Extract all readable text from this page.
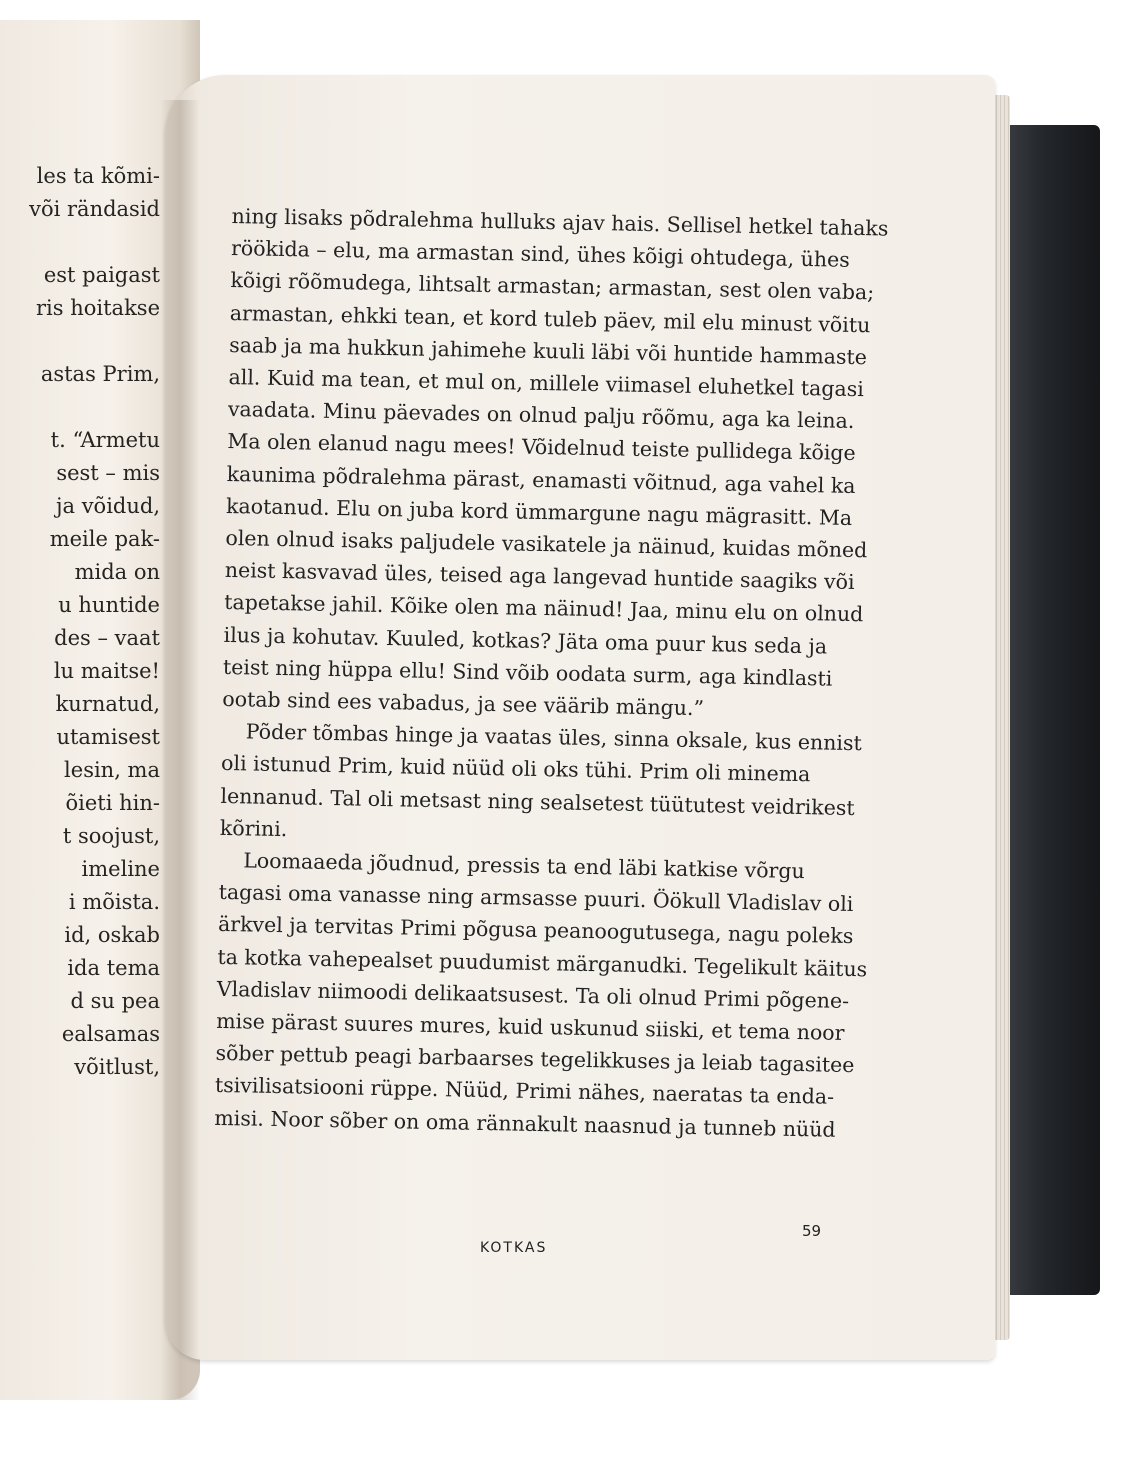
les ta kõmi-
või rändasid

est paigast
ris hoitakse

astas Prim,

t. “Armetu
sest – mis
ja võidud,
meile pak-
mida on
u huntide
des – vaat
lu maitse!
kurnatud,
utamisest
lesin, ma
õieti hin-
t soojust,
imeline
i mõista.
id, oskab
ida tema
d su pea
ealsamas
võitlust,
ning lisaks põdralehma hulluks ajav hais. Sellisel hetkel tahaks
röökida – elu, ma armastan sind, ühes kõigi ohtudega, ühes
kõigi rõõmudega, lihtsalt armastan; armastan, sest olen vaba;
armastan, ehkki tean, et kord tuleb päev, mil elu minust võitu
saab ja ma hukkun jahimehe kuuli läbi või huntide hammaste
all. Kuid ma tean, et mul on, millele viimasel eluhetkel tagasi
vaadata. Minu päevades on olnud palju rõõmu, aga ka leina.
Ma olen elanud nagu mees! Võidelnud teiste pullidega kõige
kaunima põdralehma pärast, enamasti võitnud, aga vahel ka
kaotanud. Elu on juba kord ümmargune nagu mägrasitt. Ma
olen olnud isaks paljudele vasikatele ja näinud, kuidas mõned
neist kasvavad üles, teised aga langevad huntide saagiks või
tapetakse jahil. Kõike olen ma näinud! Jaa, minu elu on olnud
ilus ja kohutav. Kuuled, kotkas? Jäta oma puur kus seda ja
teist ning hüppa ellu! Sind võib oodata surm, aga kindlasti
ootab sind ees vabadus, ja see väärib mängu.”
Põder tõmbas hinge ja vaatas üles, sinna oksale, kus ennist
oli istunud Prim, kuid nüüd oli oks tühi. Prim oli minema
lennanud. Tal oli metsast ning sealsetest tüütutest veidrikest
kõrini.
Loomaaeda jõudnud, pressis ta end läbi katkise võrgu
tagasi oma vanasse ning armsasse puuri. Öökull Vladislav oli
ärkvel ja tervitas Primi põgusa peanoogutusega, nagu poleks
ta kotka vahepealset puudumist märganudki. Tegelikult käitus
Vladislav niimoodi delikaatsusest. Ta oli olnud Primi põgene-
mise pärast suures mures, kuid uskunud siiski, et tema noor
sõber pettub peagi barbaarses tegelikkuses ja leiab tagasitee
tsivilisatsiooni rüppe. Nüüd, Primi nähes, naeratas ta enda-
misi. Noor sõber on oma rännakult naasnud ja tunneb nüüd
KOTKAS
59
